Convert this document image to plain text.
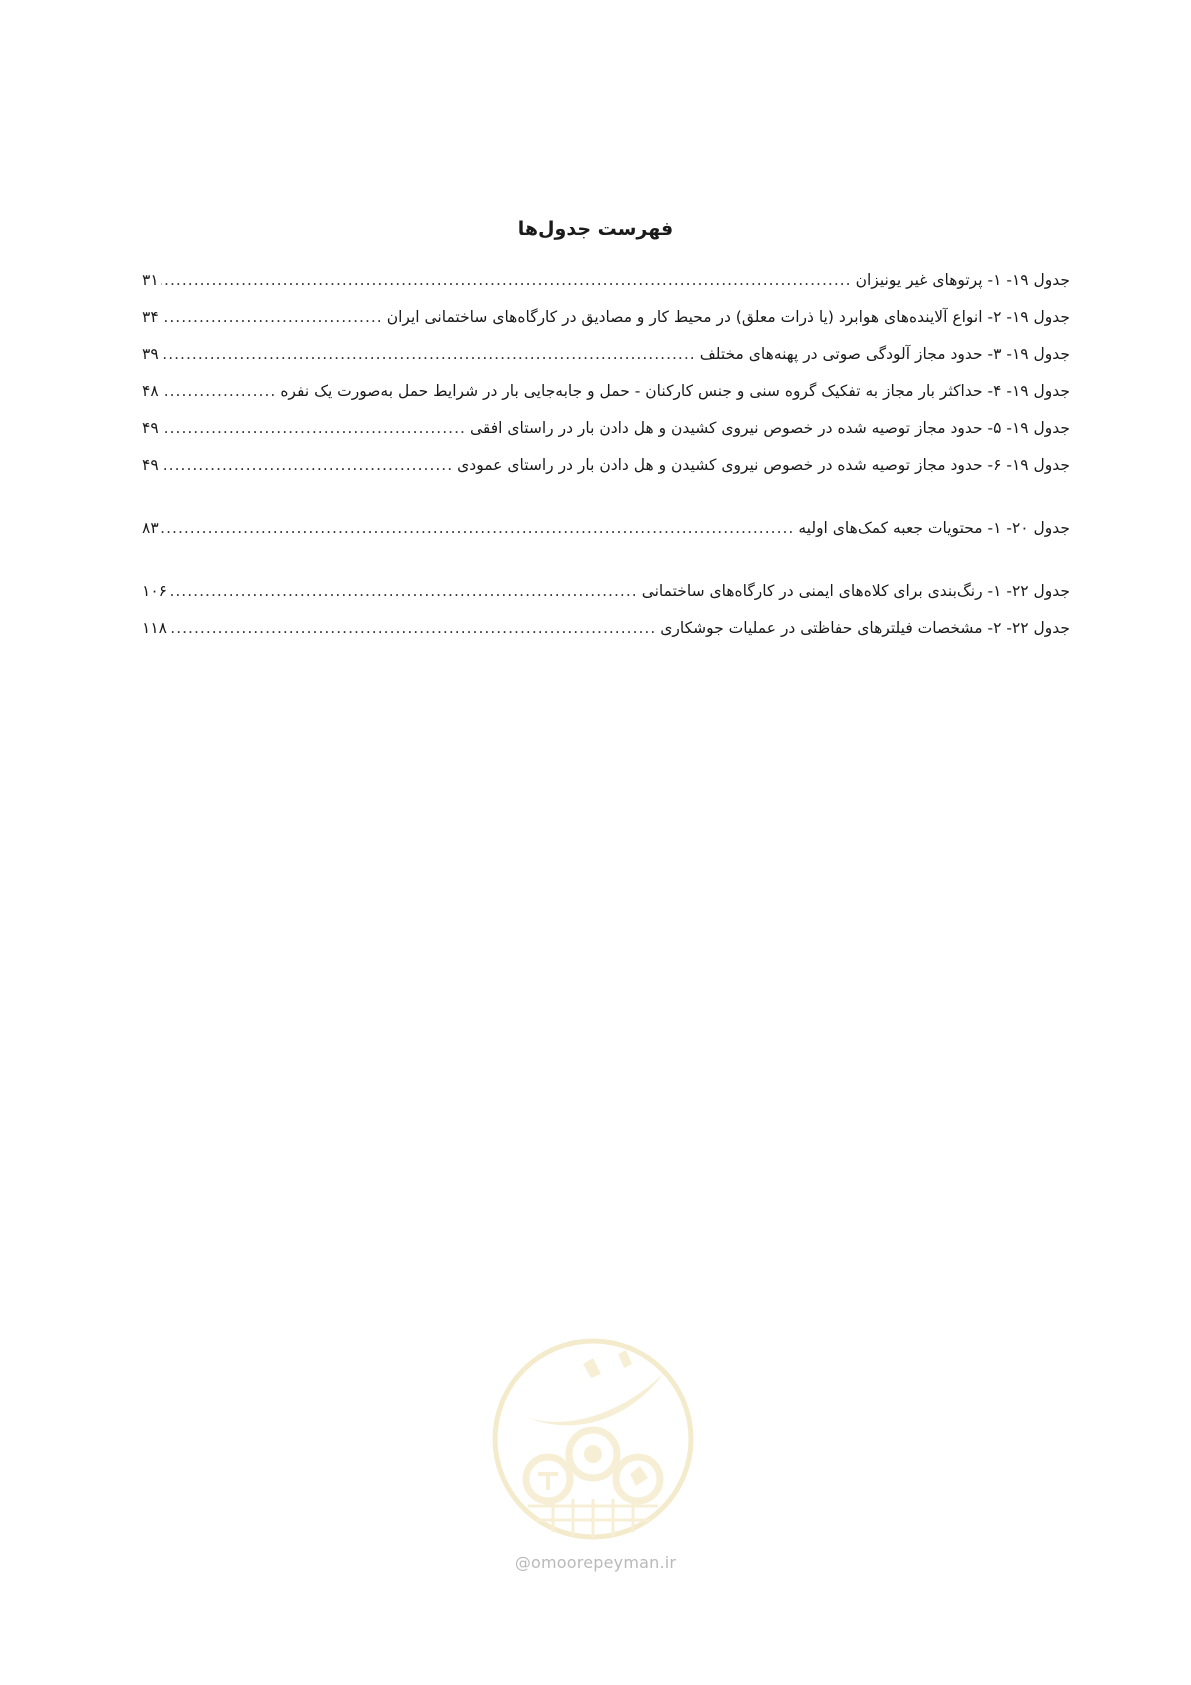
فهرست جدول‌ها
جدول ۱۹- ۱- پرتوهای غیر یونیزان
.....
۳۱
جدول ۱۹- ۲- انواع آلاینده‌های هوابرد (یا ذرات معلق) در محیط کار و مصادیق در کارگاه‌های ساختمانی ایران
.....
۳۴
جدول ۱۹- ۳- حدود مجاز آلودگی صوتی در پهنه‌های مختلف
.....
۳۹
جدول ۱۹- ۴- حداکثر بار مجاز به تفکیک گروه سنی و جنس کارکنان - حمل و جابه‌جایی بار در شرایط حمل به‌صورت یک نفره
.....
۴۸
جدول ۱۹- ۵- حدود مجاز توصیه شده در خصوص نیروی کشیدن و هل دادن بار در راستای افقی
.....
۴۹
جدول ۱۹- ۶- حدود مجاز توصیه شده در خصوص نیروی کشیدن و هل دادن بار در راستای عمودی
.....
۴۹
جدول ۲۰- ۱- محتویات جعبه کمک‌های اولیه
.....
۸۳
جدول ۲۲- ۱- رنگ‌بندی برای کلاه‌های ایمنی در کارگاه‌های ساختمانی
.....
۱۰۶
جدول ۲۲- ۲- مشخصات فیلترهای حفاظتی در عملیات جوشکاری
.....
۱۱۸
@omoorepeyman.ir
